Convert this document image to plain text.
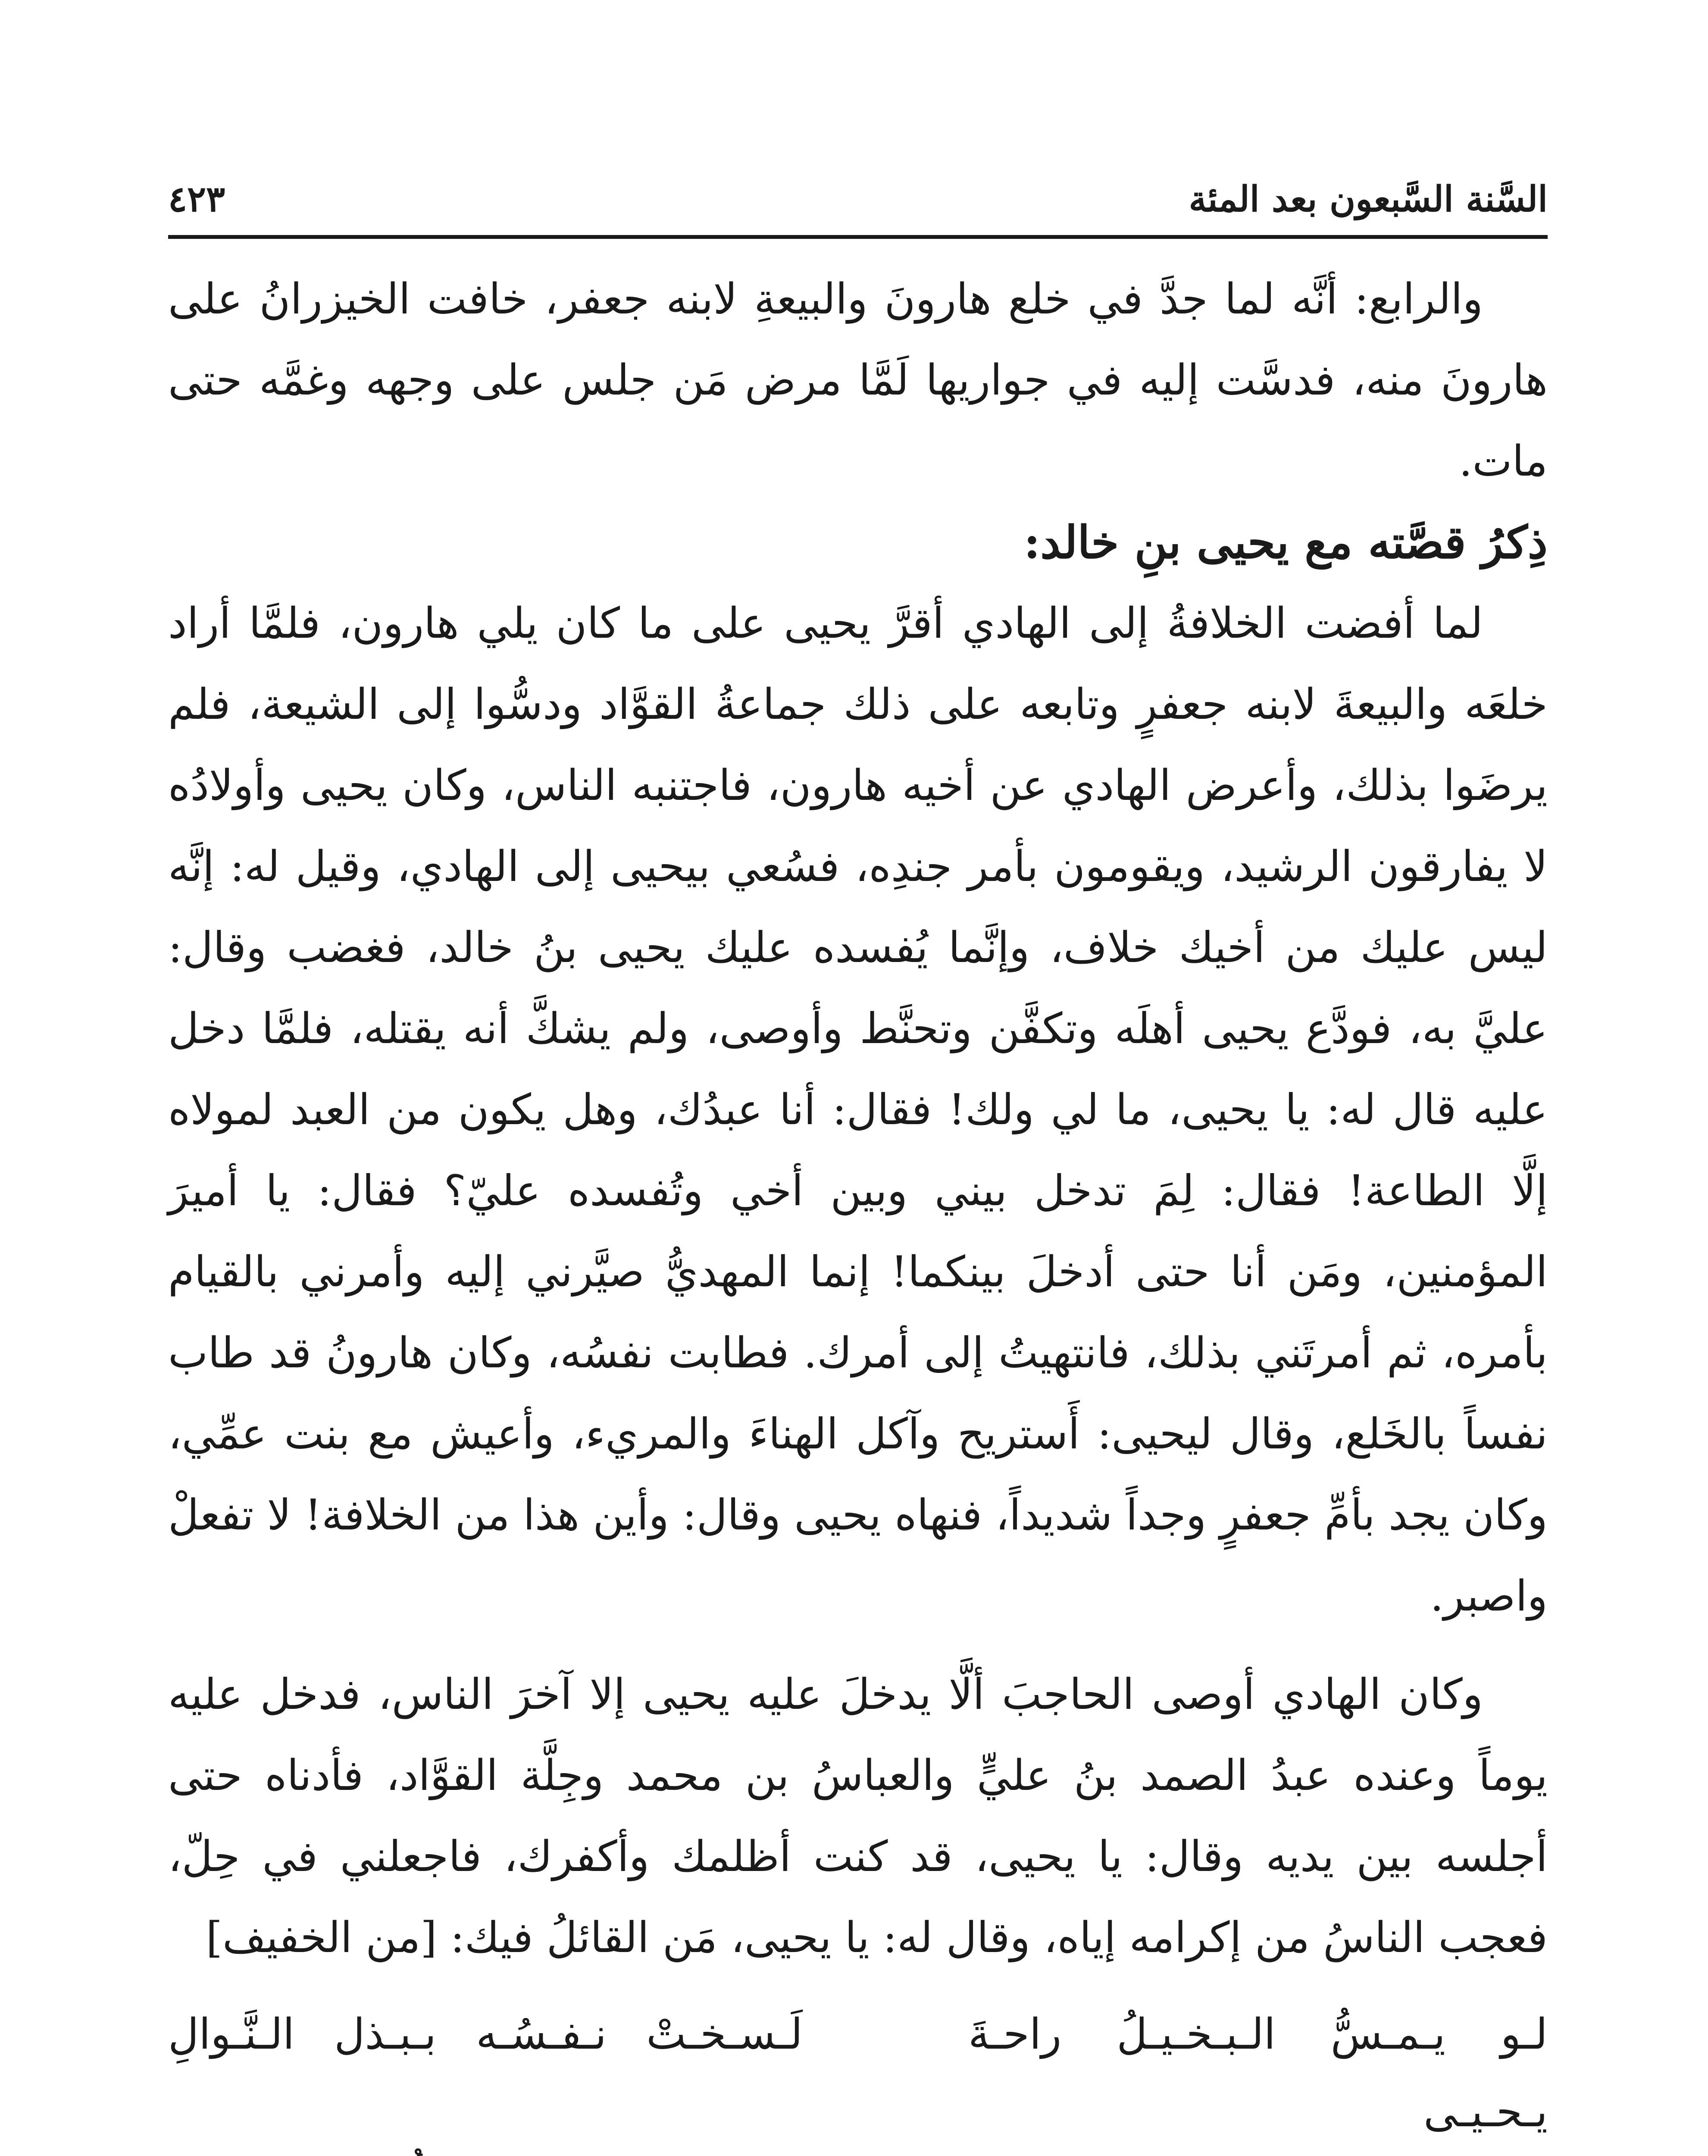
السَّنة السَّبعون بعد المئة
٤٢٣

والرابع: أنَّه لما جدَّ في خلع هارونَ والبيعةِ لابنه جعفر، خافت الخيزرانُ على هارونَ منه، فدسَّت إليه في جواريها لَمَّا مرض مَن جلس على وجهه وغمَّه حتى مات.

ذِكرُ قصَّته مع يحيى بنِ خالد:

لما أفضت الخلافةُ إلى الهادي أقرَّ يحيى على ما كان يلي هارون، فلمَّا أراد خلعَه والبيعةَ لابنه جعفرٍ وتابعه على ذلك جماعةُ القوَّاد ودسُّوا إلى الشيعة، فلم يرضَوا بذلك، وأعرض الهادي عن أخيه هارون، فاجتنبه الناس، وكان يحيى وأولادُه لا يفارقون الرشيد، ويقومون بأمر جندِه، فسُعي بيحيى إلى الهادي، وقيل له: إنَّه ليس عليك من أخيك خلاف، وإنَّما يُفسده عليك يحيى بنُ خالد، فغضب وقال: عليَّ به، فودَّع يحيى أهلَه وتكفَّن وتحنَّط وأوصى، ولم يشكَّ أنه يقتله، فلمَّا دخل عليه قال له: يا يحيى، ما لي ولك! فقال: أنا عبدُك، وهل يكون من العبد لمولاه إلَّا الطاعة! فقال: لِمَ تدخل بيني وبين أخي وتُفسده عليّ؟ فقال: يا أميرَ المؤمنين، ومَن أنا حتى أدخلَ بينكما! إنما المهديُّ صيَّرني إليه وأمرني بالقيام بأمره، ثم أمرتَني بذلك، فانتهيتُ إلى أمرك. فطابت نفسُه، وكان هارونُ قد طاب نفساً بالخَلع، وقال ليحيى: أَستريح وآكل الهناءَ والمريء، وأعيش مع بنت عمِّي، وكان يجد بأمِّ جعفرٍ وجداً شديداً، فنهاه يحيى وقال: وأين هذا من الخلافة! لا تفعلْ واصبر.

وكان الهادي أوصى الحاجبَ ألَّا يدخلَ عليه يحيى إلا آخرَ الناس، فدخل عليه يوماً وعنده عبدُ الصمد بنُ عليٍّ والعباسُ بن محمد وجِلَّة القوَّاد، فأدناه حتى أجلسه بين يديه وقال: يا يحيى، قد كنت أظلمك وأكفرك، فاجعلني في حِلّ، فعجب الناسُ من إكرامه إياه، وقال له: يا يحيى، مَن القائلُ فيك: [من الخفيف]

لـو يـمـسُّ الـبـخـيـلُ راحـةَ يـحـيـى
لَـسـخـتْ نـفـسُـه بـبـذل الـنَّـوالِ
